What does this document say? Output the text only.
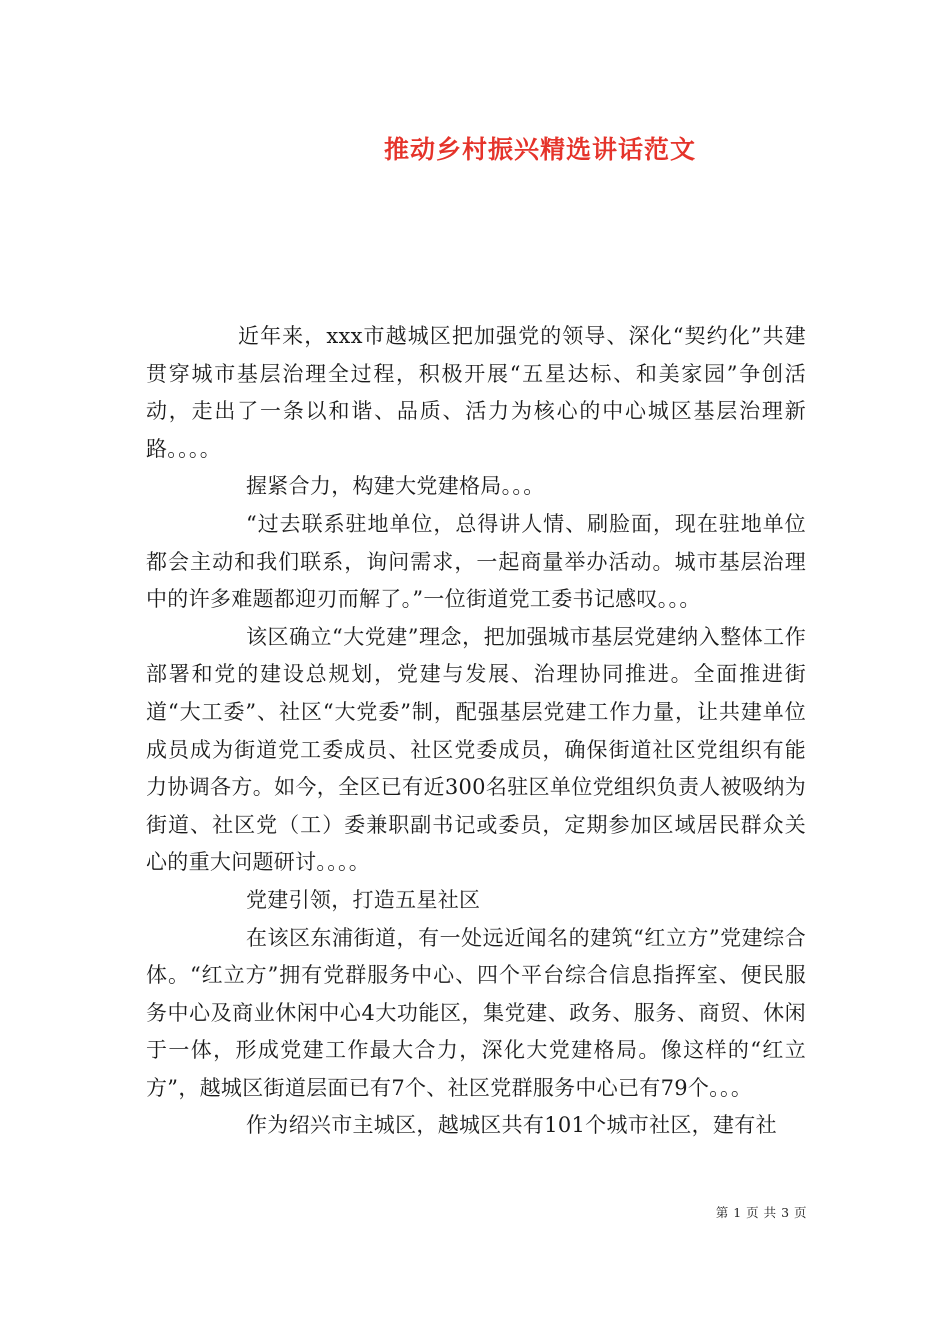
推动乡村振兴精选讲话范文

近年来，xxx市越城区把加强党的领导、深化“契约化”共建贯穿城市基层治理全过程，积极开展“五星达标、和美家园”争创活动，走出了一条以和谐、品质、活力为核心的中心城区基层治理新路。。。。

握紧合力，构建大党建格局。。。

“过去联系驻地单位，总得讲人情、刷脸面，现在驻地单位都会主动和我们联系，询问需求，一起商量举办活动。城市基层治理中的许多难题都迎刃而解了。”一位街道党工委书记感叹。。。

该区确立“大党建”理念，把加强城市基层党建纳入整体工作部署和党的建设总规划，党建与发展、治理协同推进。全面推进街道“大工委”、社区“大党委”制，配强基层党建工作力量，让共建单位成员成为街道党工委成员、社区党委成员，确保街道社区党组织有能力协调各方。如今，全区已有近300名驻区单位党组织负责人被吸纳为街道、社区党（工）委兼职副书记或委员，定期参加区域居民群众关心的重大问题研讨。。。。

党建引领，打造五星社区

在该区东浦街道，有一处远近闻名的建筑“红立方”党建综合体。“红立方”拥有党群服务中心、四个平台综合信息指挥室、便民服务中心及商业休闲中心4大功能区，集党建、政务、服务、商贸、休闲于一体，形成党建工作最大合力，深化大党建格局。像这样的“红立方”，越城区街道层面已有7个、社区党群服务中心已有79个。。。

作为绍兴市主城区，越城区共有101个城市社区，建有社

第 1 页 共 3 页
